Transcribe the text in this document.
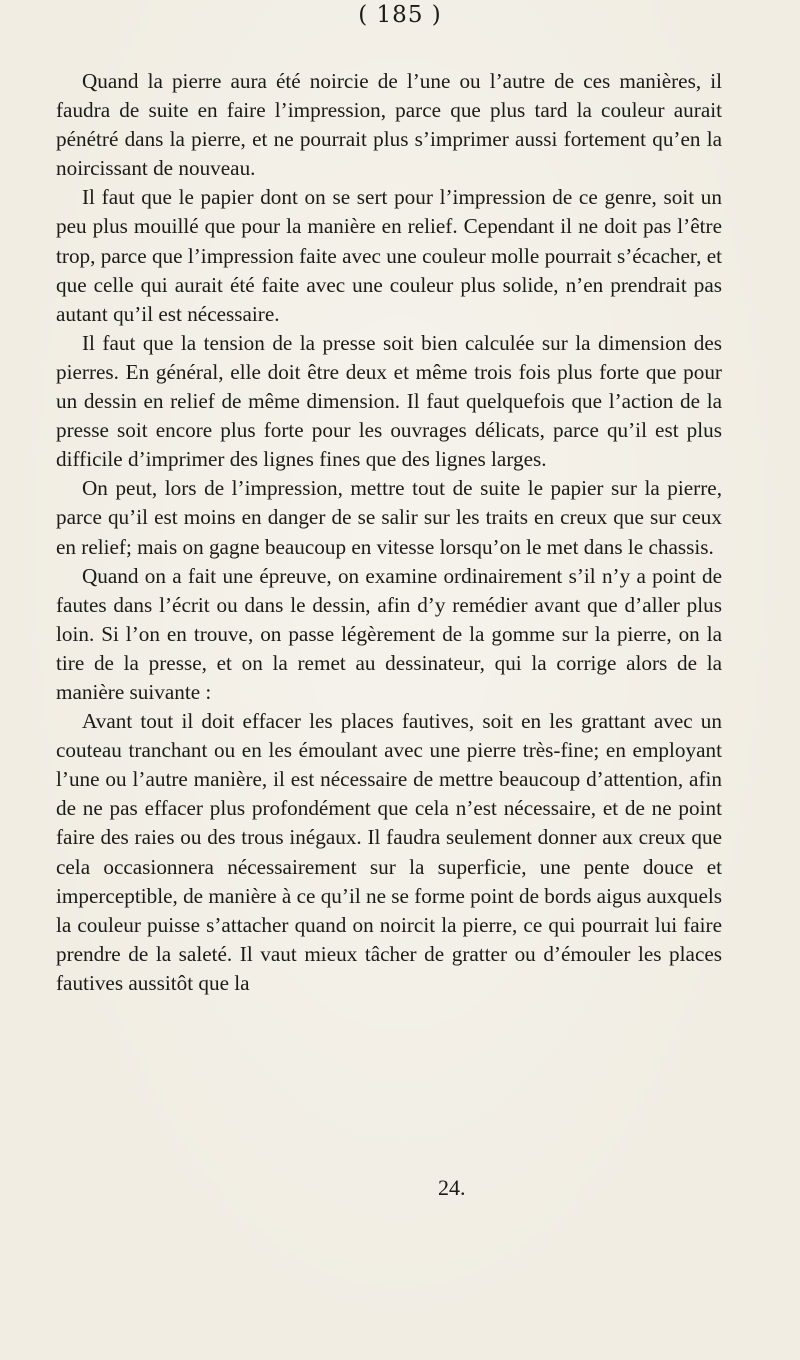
( 185 )

Quand la pierre aura été noircie de l’une ou l’autre de ces manières, il faudra de suite en faire l’impression, parce que plus tard la couleur aurait pénétré dans la pierre, et ne pourrait plus s’imprimer aussi fortement qu’en la noircissant de nouveau.

Il faut que le papier dont on se sert pour l’impression de ce genre, soit un peu plus mouillé que pour la manière en relief. Cependant il ne doit pas l’être trop, parce que l’impression faite avec une couleur molle pourrait s’écacher, et que celle qui aurait été faite avec une couleur plus solide, n’en prendrait pas autant qu’il est nécessaire.

Il faut que la tension de la presse soit bien calculée sur la dimension des pierres. En général, elle doit être deux et même trois fois plus forte que pour un dessin en relief de même dimension. Il faut quelquefois que l’action de la presse soit encore plus forte pour les ouvrages délicats, parce qu’il est plus difficile d’imprimer des lignes fines que des lignes larges.

On peut, lors de l’impression, mettre tout de suite le papier sur la pierre, parce qu’il est moins en danger de se salir sur les traits en creux que sur ceux en relief; mais on gagne beaucoup en vitesse lorsqu’on le met dans le chassis.

Quand on a fait une épreuve, on examine ordinairement s’il n’y a point de fautes dans l’écrit ou dans le dessin, afin d’y remédier avant que d’aller plus loin. Si l’on en trouve, on passe légèrement de la gomme sur la pierre, on la tire de la presse, et on la remet au dessinateur, qui la corrige alors de la manière suivante :

Avant tout il doit effacer les places fautives, soit en les grattant avec un couteau tranchant ou en les émoulant avec une pierre très-fine; en employant l’une ou l’autre manière, il est nécessaire de mettre beaucoup d’attention, afin de ne pas effacer plus profondément que cela n’est nécessaire, et de ne point faire des raies ou des trous inégaux. Il faudra seulement donner aux creux que cela occasionnera nécessairement sur la superficie, une pente douce et imperceptible, de manière à ce qu’il ne se forme point de bords aigus auxquels la couleur puisse s’attacher quand on noircit la pierre, ce qui pourrait lui faire prendre de la saleté. Il vaut mieux tâcher de gratter ou d’émouler les places fautives aussitôt que la

24.
